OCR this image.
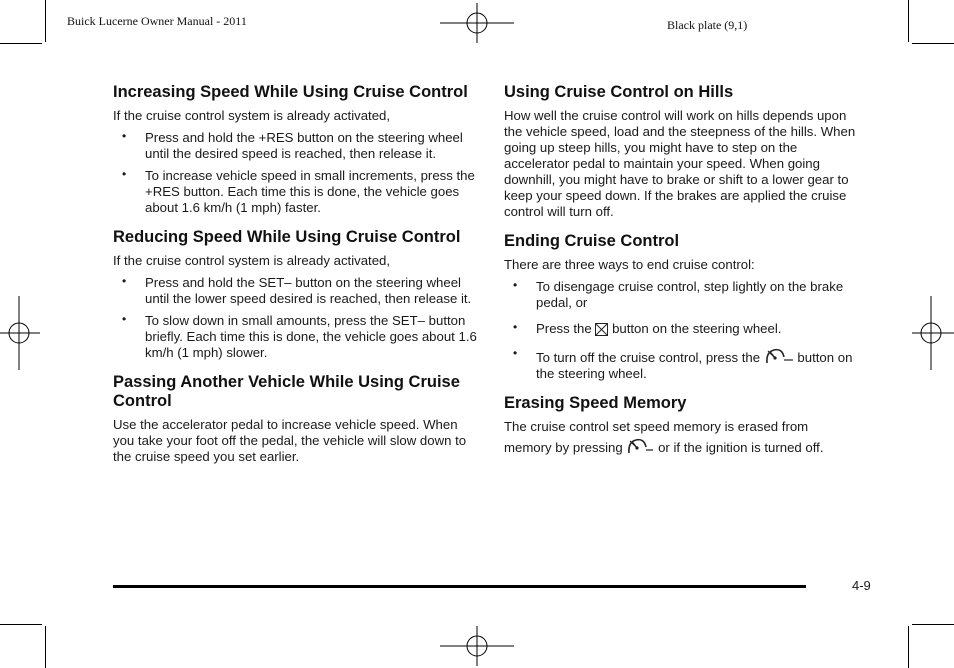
Buick Lucerne Owner Manual - 2011	Black plate (9,1)
Increasing Speed While Using Cruise Control

If the cruise control system is already activated,

• Press and hold the +RES button on the steering wheel until the desired speed is reached, then release it.
• To increase vehicle speed in small increments, press the +RES button. Each time this is done, the vehicle goes about 1.6 km/h (1 mph) faster.
Reducing Speed While Using Cruise Control

If the cruise control system is already activated,

• Press and hold the SET– button on the steering wheel until the lower speed desired is reached, then release it.
• To slow down in small amounts, press the SET– button briefly. Each time this is done, the vehicle goes about 1.6 km/h (1 mph) slower.
Passing Another Vehicle While Using Cruise Control

Use the accelerator pedal to increase vehicle speed. When you take your foot off the pedal, the vehicle will slow down to the cruise speed you set earlier.

Using Cruise Control on Hills

How well the cruise control will work on hills depends upon the vehicle speed, load and the steepness of the hills. When going up steep hills, you might have to step on the accelerator pedal to maintain your speed. When going downhill, you might have to brake or shift to a lower gear to keep your speed down. If the brakes are applied the cruise control will turn off.

Ending Cruise Control

There are three ways to end cruise control:

• To disengage cruise control, step lightly on the brake pedal, or
• Press the button on the steering wheel.
• To turn off the cruise control, press the	button on the steering wheel.
Erasing Speed Memory

The cruise control set speed memory is erased from

memory by pressing	or if the ignition is turned off.

4-9
